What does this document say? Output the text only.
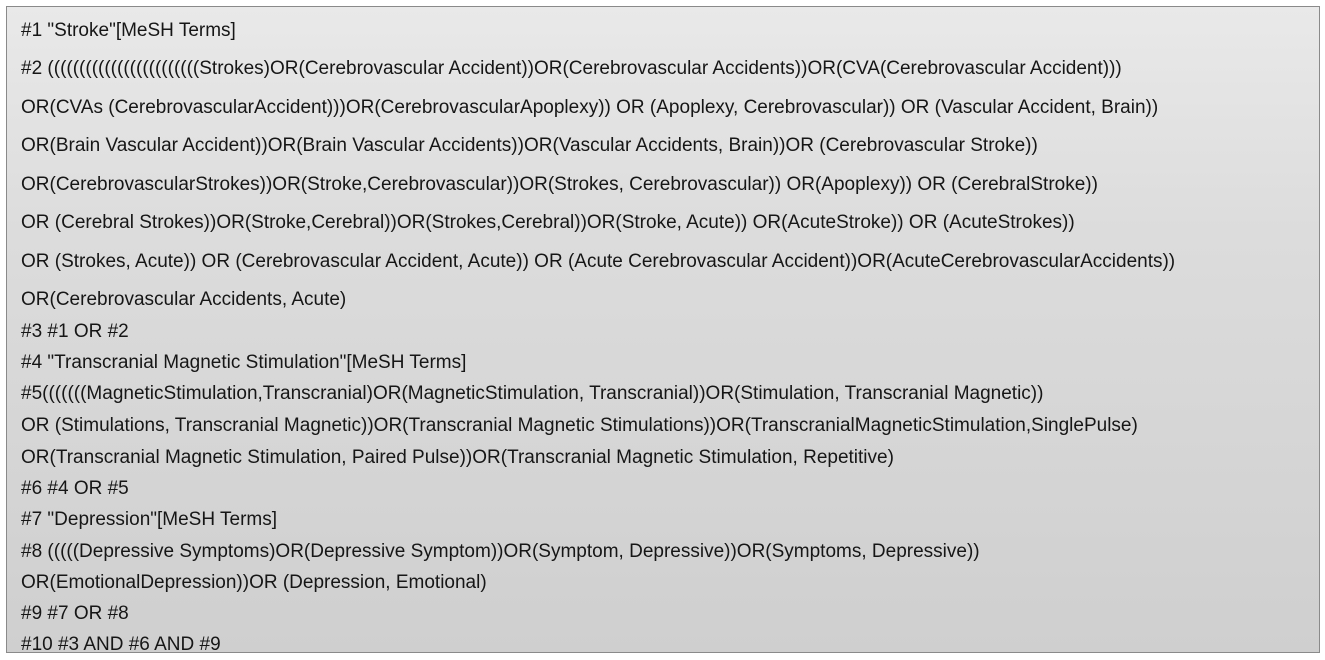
#1 "Stroke"[MeSH Terms]
#2 ((((((((((((((((((((((((Strokes)OR(Cerebrovascular Accident))OR(Cerebrovascular Accidents))OR(CVA(Cerebrovascular Accident)))
OR(CVAs (CerebrovascularAccident)))OR(CerebrovascularApoplexy)) OR (Apoplexy, Cerebrovascular)) OR (Vascular Accident, Brain))
OR(Brain Vascular Accident))OR(Brain Vascular Accidents))OR(Vascular Accidents, Brain))OR (Cerebrovascular Stroke))
OR(CerebrovascularStrokes))OR(Stroke,Cerebrovascular))OR(Strokes, Cerebrovascular)) OR(Apoplexy)) OR (CerebralStroke))
OR (Cerebral Strokes))OR(Stroke,Cerebral))OR(Strokes,Cerebral))OR(Stroke, Acute)) OR(AcuteStroke)) OR (AcuteStrokes))
OR (Strokes, Acute)) OR (Cerebrovascular Accident, Acute)) OR (Acute Cerebrovascular Accident))OR(AcuteCerebrovascularAccidents))
OR(Cerebrovascular Accidents, Acute)
#3 #1 OR #2
#4 "Transcranial Magnetic Stimulation"[MeSH Terms]
#5(((((((MagneticStimulation,Transcranial)OR(MagneticStimulation, Transcranial))OR(Stimulation, Transcranial Magnetic))
OR (Stimulations, Transcranial Magnetic))OR(Transcranial Magnetic Stimulations))OR(TranscranialMagneticStimulation,SinglePulse)
OR(Transcranial Magnetic Stimulation, Paired Pulse))OR(Transcranial Magnetic Stimulation, Repetitive)
#6 #4 OR #5
#7 "Depression"[MeSH Terms]
#8 (((((Depressive Symptoms)OR(Depressive Symptom))OR(Symptom, Depressive))OR(Symptoms, Depressive))
OR(EmotionalDepression))OR (Depression, Emotional)
#9 #7 OR #8
#10 #3 AND #6 AND #9
